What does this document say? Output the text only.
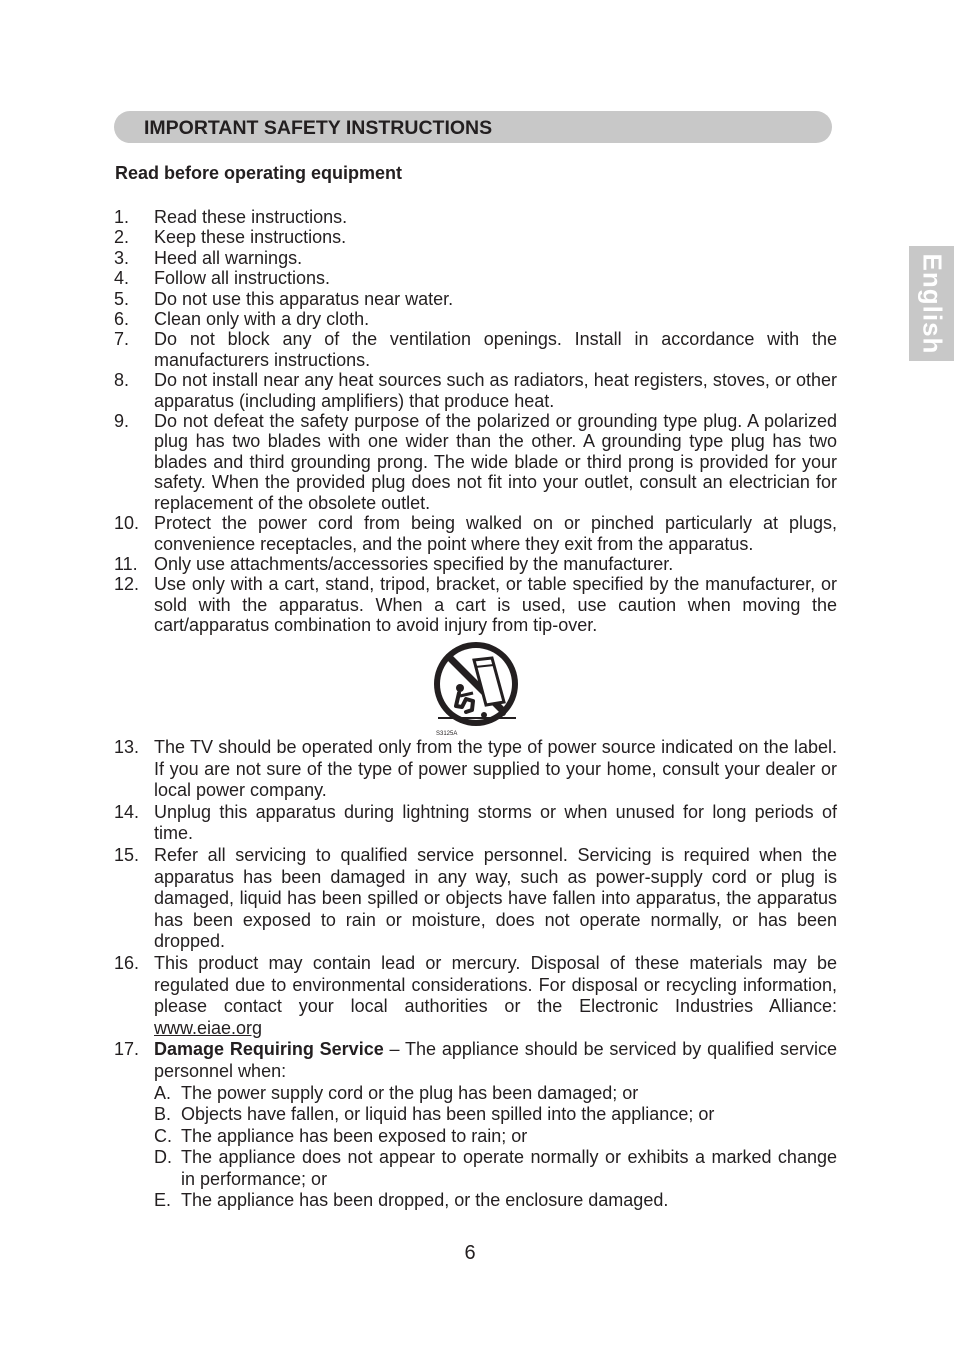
IMPORTANT SAFETY INSTRUCTIONS
English
Read before operating equipment
1.	Read these instructions.
2.	Keep these instructions.
3.	Heed all warnings.
4.	Follow all instructions.
5.	Do not use this apparatus near water.
6.	Clean only with a dry cloth.
7.	Do not block any of the ventilation openings. Install in accordance with the manufacturers instructions.
8.	Do not install near any heat sources such as radiators, heat registers, stoves, or other apparatus (including amplifiers) that produce heat.
9.	Do not defeat the safety purpose of the polarized or grounding type plug. A polarized plug has two blades with one wider than the other. A grounding type plug has two blades and third grounding prong. The wide blade or third prong is provided for your safety. When the provided plug does not fit into your outlet, consult an electrician for replacement of the obsolete outlet.
10. Protect the power cord from being walked on or pinched particularly at plugs, convenience receptacles, and the point where they exit from the apparatus.
11. Only use attachments/accessories specified by the manufacturer.
12. Use only with a cart, stand, tripod, bracket, or table specified by the manufacturer, or sold with the apparatus. When a cart is used, use caution when moving the cart/apparatus combination to avoid injury from tip-over.
S3125A
13. The TV should be operated only from the type of power source indicated on the label. If you are not sure of the type of power supplied to your home, consult your dealer or local power company.
14. Unplug this apparatus during lightning storms or when unused for long periods of time.
15. Refer all servicing to qualified service personnel. Servicing is required when the apparatus has been damaged in any way, such as power-supply cord or plug is damaged, liquid has been spilled or objects have fallen into apparatus, the apparatus has been exposed to rain or moisture, does not operate normally, or has been dropped.
16. This product may contain lead or mercury. Disposal of these materials may be regulated due to environmental considerations. For disposal or recycling information, please contact your local authorities or the Electronic Industries Alliance: www.eiae.org
17. Damage Requiring Service – The appliance should be serviced by qualified service personnel when:
A. The power supply cord or the plug has been damaged; or
B. Objects have fallen, or liquid has been spilled into the appliance; or
C. The appliance has been exposed to rain; or
D. The appliance does not appear to operate normally or exhibits a marked change in performance; or
E. The appliance has been dropped, or the enclosure damaged.
6
